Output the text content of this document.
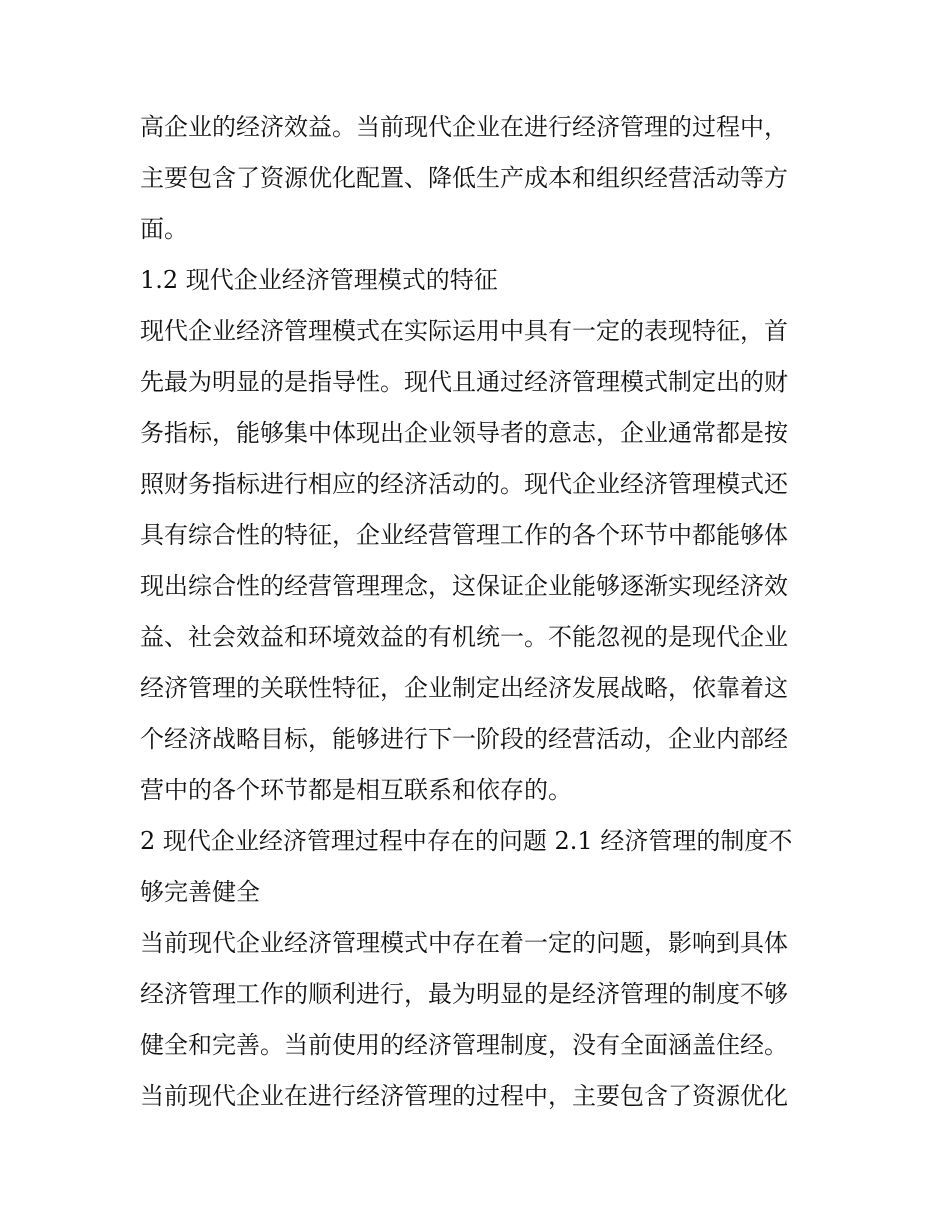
高企业的经济效益。当前现代企业在进行经济管理的过程中，

主要包含了资源优化配置、降低生产成本和组织经营活动等方

面。

1.2 现代企业经济管理模式的特征

现代企业经济管理模式在实际运用中具有一定的表现特征，首

先最为明显的是指导性。现代且通过经济管理模式制定出的财

务指标，能够集中体现出企业领导者的意志，企业通常都是按

照财务指标进行相应的经济活动的。现代企业经济管理模式还

具有综合性的特征，企业经营管理工作的各个环节中都能够体

现出综合性的经营管理理念，这保证企业能够逐渐实现经济效

益、社会效益和环境效益的有机统一。不能忽视的是现代企业

经济管理的关联性特征，企业制定出经济发展战略，依靠着这

个经济战略目标，能够进行下一阶段的经营活动，企业内部经

营中的各个环节都是相互联系和依存的。

2 现代企业经济管理过程中存在的问题 2.1 经济管理的制度不

够完善健全

当前现代企业经济管理模式中存在着一定的问题，影响到具体

经济管理工作的顺利进行，最为明显的是经济管理的制度不够

健全和完善。当前使用的经济管理制度，没有全面涵盖住经。

当前现代企业在进行经济管理的过程中，主要包含了资源优化
